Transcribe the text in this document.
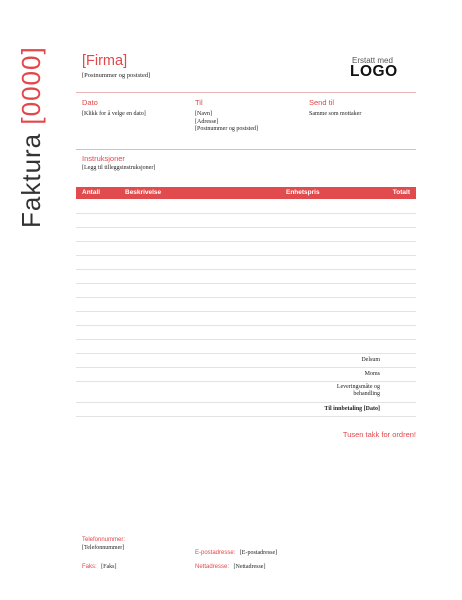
Faktura [0000] [Firma]
[Postnummer og poststed]
Erstatt med
LOGO
Dato
[Klikk for å velge en dato]
Til
[Navn]
[Adresse]
[Postnummer og poststed]
Send til
Samme som mottaker
Instruksjoner
[Legg til tilleggsinstruksjoner]
Antall	Beskrivelse	Enhetspris	Totalt
Delsum
Moms
Leveringsmåte og behandling
Til innbetaling [Dato]
Tusen takk for ordren!
Telefonnummer:
[Telefonnummer]
Faks: [Faks]
E-postadresse: [E-postadresse]
Nettadresse: [Nettadresse]
